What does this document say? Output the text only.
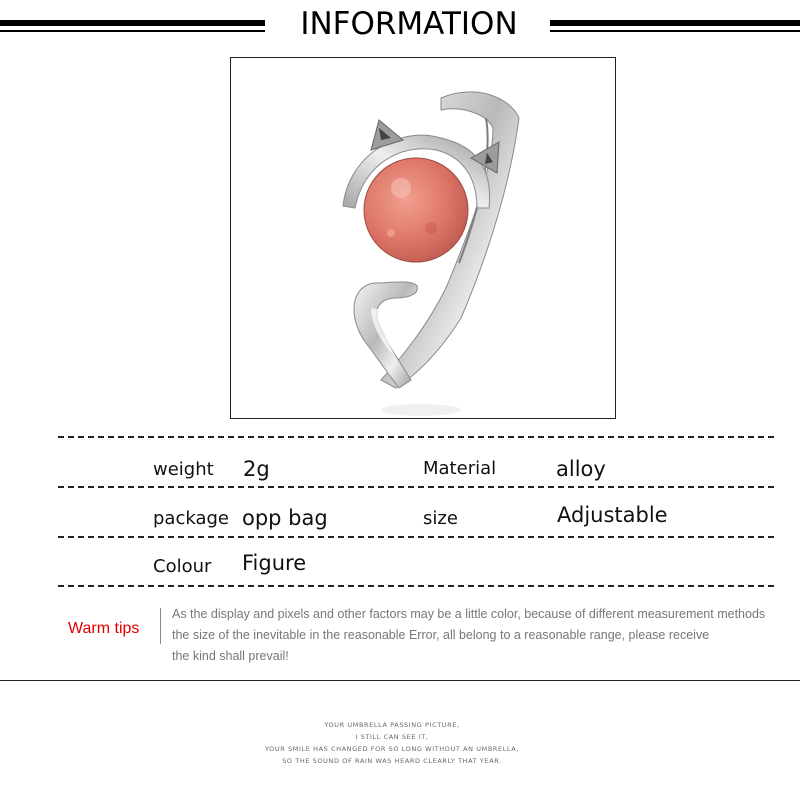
INFORMATION
weight 2g	Material	alloy
package opp bag	size	Adjustable
Colour Figure
Warm tips
As the display and pixels and other factors may be a little color, because of different measurement methods
the size of the inevitable in the reasonable Error, all belong to a reasonable range, please receive
the kind shall prevail!
YOUR UMBRELLA PASSING PICTURE,
I STILL CAN SEE IT,
YOUR SMILE HAS CHANGED FOR SO LONG WITHOUT AN UMBRELLA,
SO THE SOUND OF RAIN WAS HEARD CLEARLY THAT YEAR.
